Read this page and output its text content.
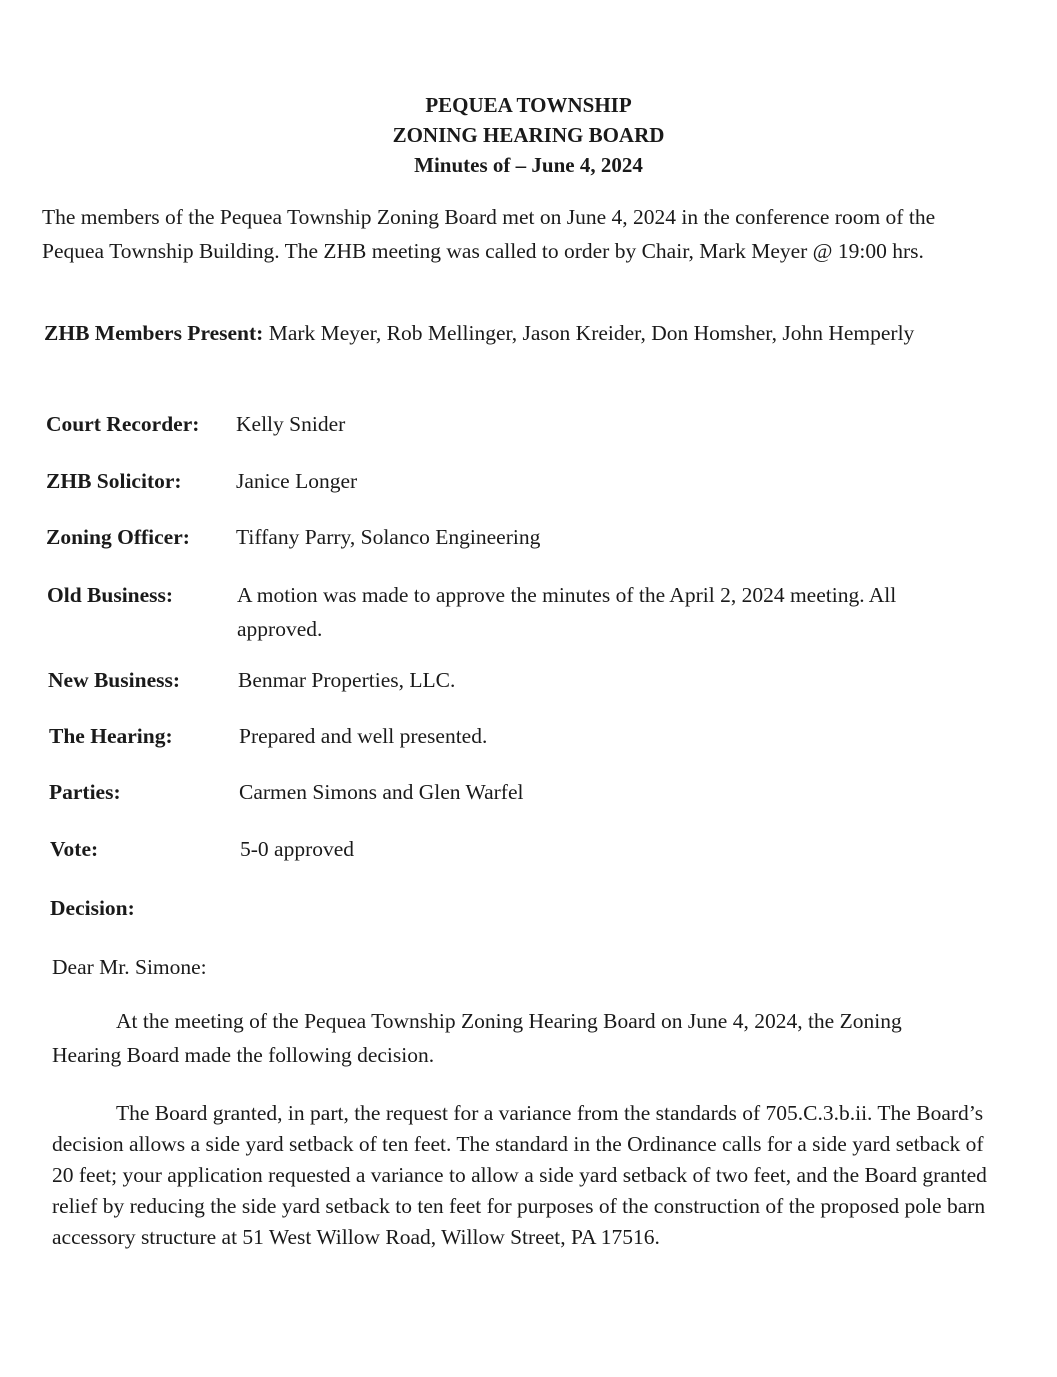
PEQUEA TOWNSHIP
ZONING HEARING BOARD
Minutes of – June 4, 2024
The members of the Pequea Township Zoning Board met on June 4, 2024 in the conference room of the Pequea Township Building. The ZHB meeting was called to order by Chair, Mark Meyer @ 19:00 hrs.
ZHB Members Present: Mark Meyer, Rob Mellinger, Jason Kreider, Don Homsher, John Hemperly
Court Recorder: Kelly Snider
ZHB Solicitor:	Janice Longer
Zoning Officer: Tiffany Parry, Solanco Engineering
Old Business:	A motion was made to approve the minutes of the April 2, 2024 meeting. All approved.
New Business:	Benmar Properties, LLC.
The Hearing:	Prepared and well presented.
Parties:	Carmen Simons and Glen Warfel
Vote:	5-0 approved
Decision:
Dear Mr. Simone:
At the meeting of the Pequea Township Zoning Hearing Board on June 4, 2024, the Zoning Hearing Board made the following decision.
The Board granted, in part, the request for a variance from the standards of 705.C.3.b.ii. The Board’s decision allows a side yard setback of ten feet. The standard in the Ordinance calls for a side yard setback of 20 feet; your application requested a variance to allow a side yard setback of two feet, and the Board granted relief by reducing the side yard setback to ten feet for purposes of the construction of the proposed pole barn accessory structure at 51 West Willow Road, Willow Street, PA 17516.
